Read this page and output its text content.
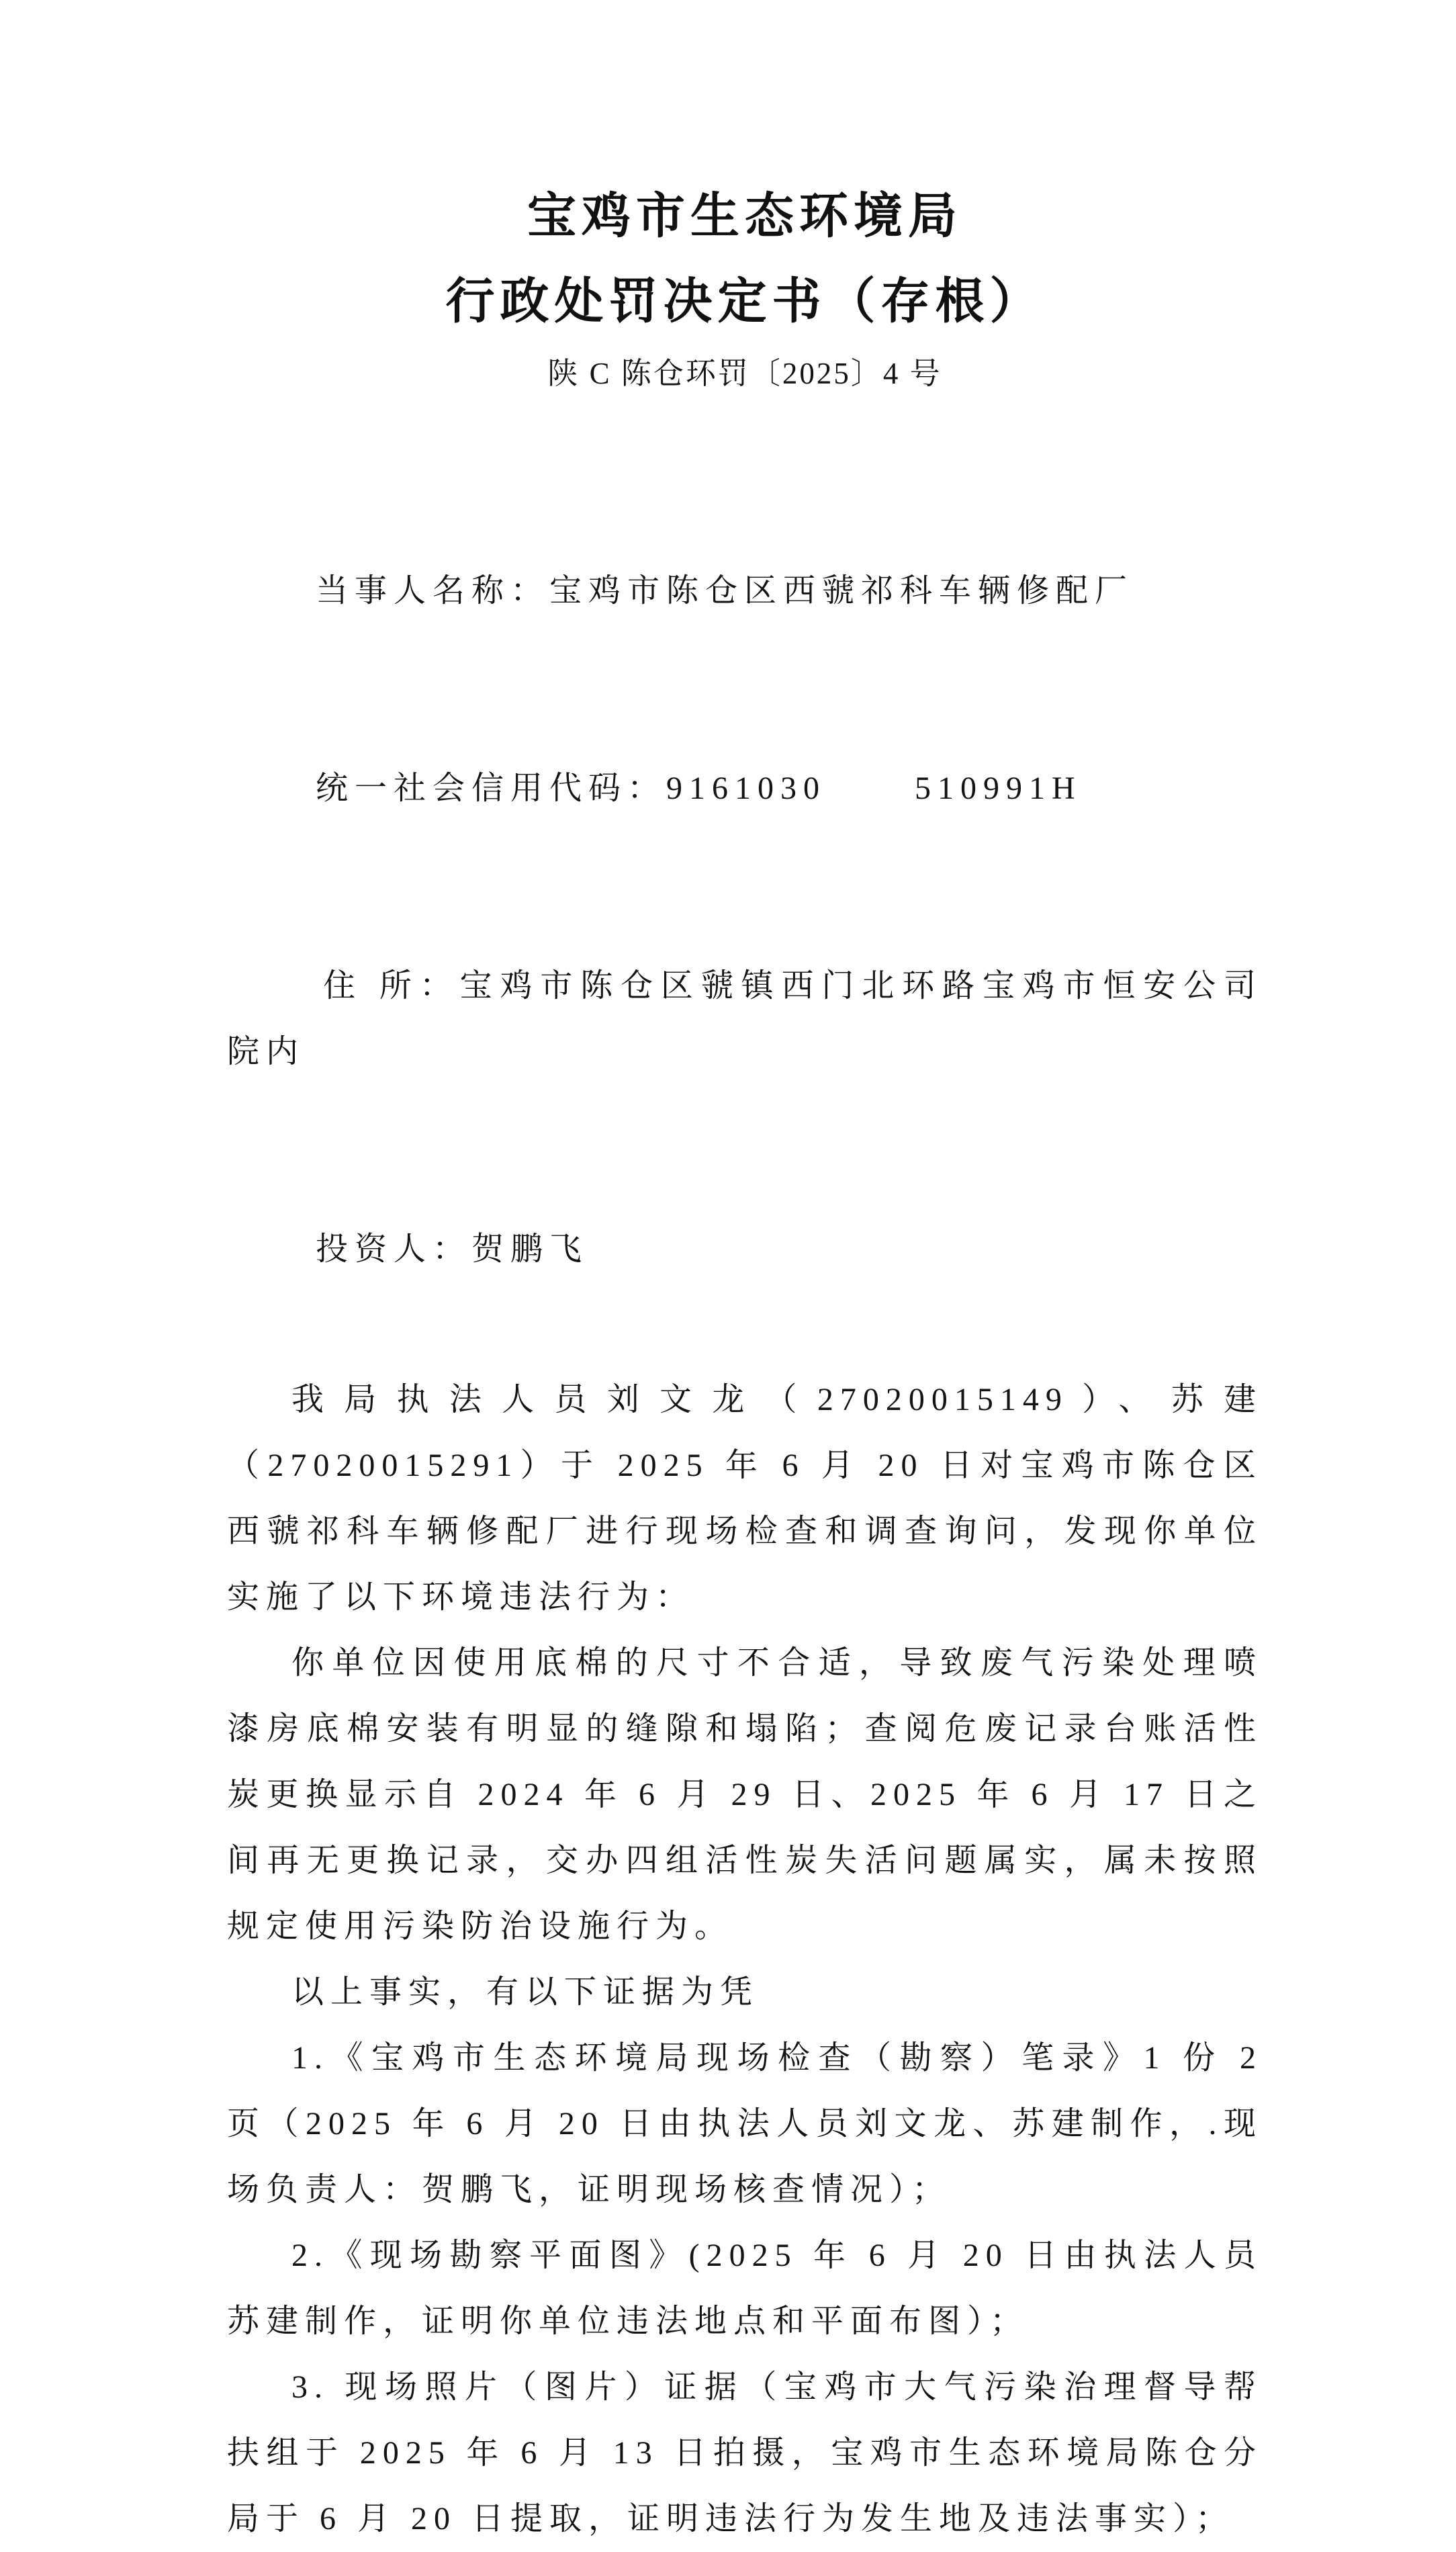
宝鸡市生态环境局
行政处罚决定书（存根）
陕 C 陈仓环罚〔2025〕4 号

当事人名称：宝鸡市陈仓区西虢祁科车辆修配厂

统一社会信用代码：9161030      510991H

住 所：宝鸡市陈仓区虢镇西门北环路宝鸡市恒安公司院内

投资人：贺鹏飞

我局执法人员刘文龙（27020015149）、苏建（27020015291）于 2025 年 6 月 20 日对宝鸡市陈仓区西虢祁科车辆修配厂进行现场检查和调查询问，发现你单位实施了以下环境违法行为：

你单位因使用底棉的尺寸不合适，导致废气污染处理喷漆房底棉安装有明显的缝隙和塌陷；查阅危废记录台账活性炭更换显示自 2024 年 6 月 29 日、2025 年 6 月 17 日之间再无更换记录，交办四组活性炭失活问题属实，属未按照规定使用污染防治设施行为。

以上事实，有以下证据为凭

1.《宝鸡市生态环境局现场检查（勘察）笔录》1 份 2 页（2025 年 6 月 20 日由执法人员刘文龙、苏建制作，.现场负责人：贺鹏飞，证明现场核查情况）；

2.《现场勘察平面图》(2025 年 6 月 20 日由执法人员苏建制作，证明你单位违法地点和平面布图）；

3. 现场照片（图片）证据（宝鸡市大气污染治理督导帮扶组于 2025 年 6 月 13 日拍摄，宝鸡市生态环境局陈仓分局于 6 月 20 日提取，证明违法行为发生地及违法事实）；
